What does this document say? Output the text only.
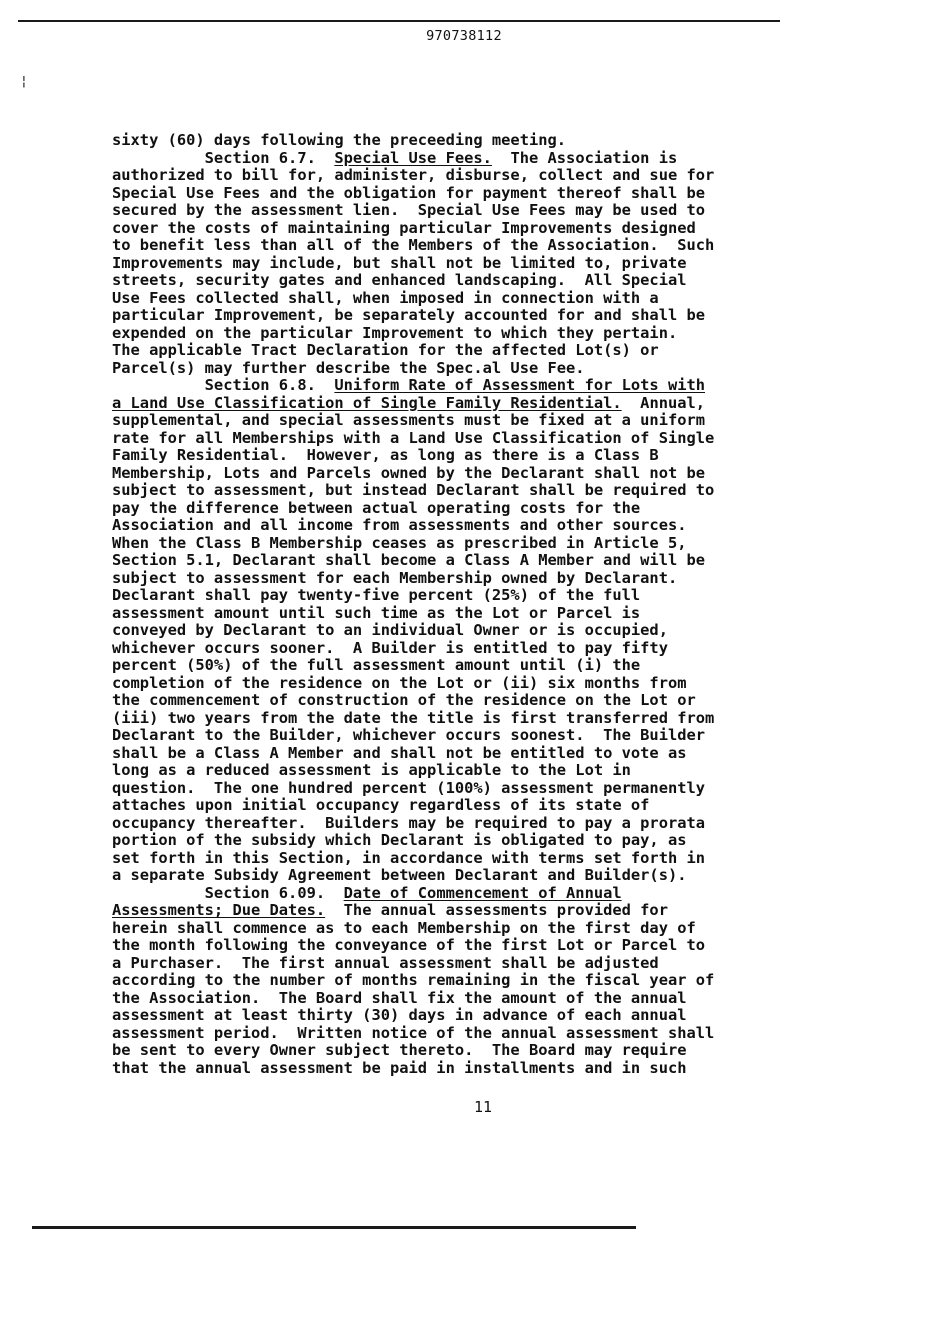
970738112
¦
sixty (60) days following the preceeding meeting.
Section 6.7.  Special Use Fees.  The Association is
authorized to bill for, administer, disburse, collect and sue for
Special Use Fees and the obligation for payment thereof shall be
secured by the assessment lien.  Special Use Fees may be used to
cover the costs of maintaining particular Improvements designed
to benefit less than all of the Members of the Association.  Such
Improvements may include, but shall not be limited to, private
streets, security gates and enhanced landscaping.  All Special
Use Fees collected shall, when imposed in connection with a
particular Improvement, be separately accounted for and shall be
expended on the particular Improvement to which they pertain.
The applicable Tract Declaration for the affected Lot(s) or
Parcel(s) may further describe the Spec.al Use Fee.
Section 6.8.  Uniform Rate of Assessment for Lots with
a Land Use Classification of Single Family Residential.  Annual,
supplemental, and special assessments must be fixed at a uniform
rate for all Memberships with a Land Use Classification of Single
Family Residential.  However, as long as there is a Class B
Membership, Lots and Parcels owned by the Declarant shall not be
subject to assessment, but instead Declarant shall be required to
pay the difference between actual operating costs for the
Association and all income from assessments and other sources.
When the Class B Membership ceases as prescribed in Article 5,
Section 5.1, Declarant shall become a Class A Member and will be
subject to assessment for each Membership owned by Declarant.
Declarant shall pay twenty-five percent (25%) of the full
assessment amount until such time as the Lot or Parcel is
conveyed by Declarant to an individual Owner or is occupied,
whichever occurs sooner.  A Builder is entitled to pay fifty
percent (50%) of the full assessment amount until (i) the
completion of the residence on the Lot or (ii) six months from
the commencement of construction of the residence on the Lot or
(iii) two years from the date the title is first transferred from
Declarant to the Builder, whichever occurs soonest.  The Builder
shall be a Class A Member and shall not be entitled to vote as
long as a reduced assessment is applicable to the Lot in
question.  The one hundred percent (100%) assessment permanently
attaches upon initial occupancy regardless of its state of
occupancy thereafter.  Builders may be required to pay a prorata
portion of the subsidy which Declarant is obligated to pay, as
set forth in this Section, in accordance with terms set forth in
a separate Subsidy Agreement between Declarant and Builder(s).
Section 6.09.  Date of Commencement of Annual
Assessments; Due Dates.  The annual assessments provided for
herein shall commence as to each Membership on the first day of
the month following the conveyance of the first Lot or Parcel to
a Purchaser.  The first annual assessment shall be adjusted
according to the number of months remaining in the fiscal year of
the Association.  The Board shall fix the amount of the annual
assessment at least thirty (30) days in advance of each annual
assessment period.  Written notice of the annual assessment shall
be sent to every Owner subject thereto.  The Board may require
that the annual assessment be paid in installments and in such
11
